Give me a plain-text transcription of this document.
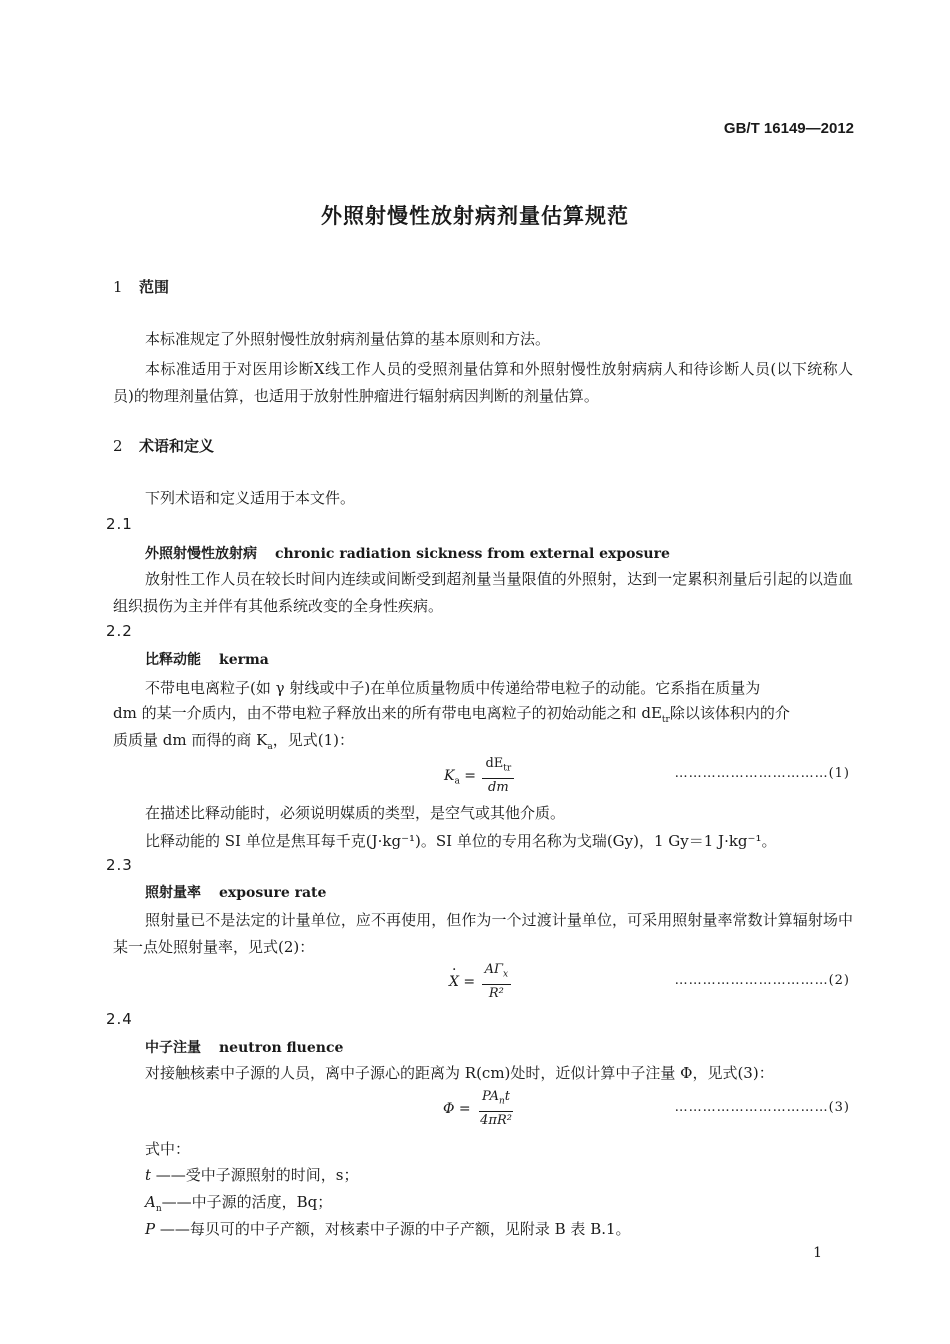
GB/T 16149—2012
外照射慢性放射病剂量估算规范
1 范围
本标准规定了外照射慢性放射病剂量估算的基本原则和方法。
本标准适用于对医用诊断X线工作人员的受照剂量估算和外照射慢性放射病病人和待诊断人员(以下统称人员)的物理剂量估算，也适用于放射性肿瘤进行辐射病因判断的剂量估算。
2 术语和定义
下列术语和定义适用于本文件。
2.1
外照射慢性放射病 chronic radiation sickness from external exposure
放射性工作人员在较长时间内连续或间断受到超剂量当量限值的外照射，达到一定累积剂量后引起的以造血组织损伤为主并伴有其他系统改变的全身性疾病。
2.2
比释动能 kerma
不带电电离粒子(如 γ 射线或中子)在单位质量物质中传递给带电粒子的动能。它系指在质量为
dm 的某一介质内，由不带电粒子释放出来的所有带电电离粒子的初始动能之和 $dE_{tr}$除以该体积内的介
质质量 dm 而得的商 $K_a$，见式(1)：
$K_a = \frac{dE_{tr}}{dm}$	……………………………(1)
在描述比释动能时，必须说明媒质的类型，是空气或其他介质。
比释动能的 SI 单位是焦耳每千克(J·kg⁻¹)。SI 单位的专用名称为戈瑞(Gy)，1 Gy＝1 J·kg⁻¹。
2.3
照射量率 exposure rate
照射量已不是法定的计量单位，应不再使用，但作为一个过渡计量单位，可采用照射量率常数计算辐射场中某一点处照射量率，见式(2)：
·
$X = \frac{A\Gamma_x}{\text{R²}}$	……………………………(2)
2.4
中子注量 neutron fluence
对接触核素中子源的人员，离中子源心的距离为 R(cm)处时，近似计算中子注量 Φ，见式(3)：
$\Phi = \frac{PA_nt}{\text{4πR²}}$	……………………………(3)
式中：
t ——受中子源照射的时间，s；
$A_n——$中子源的活度，Bq；
P ——每贝可的中子产额，对核素中子源的中子产额，见附录 B 表 B.1。
1
